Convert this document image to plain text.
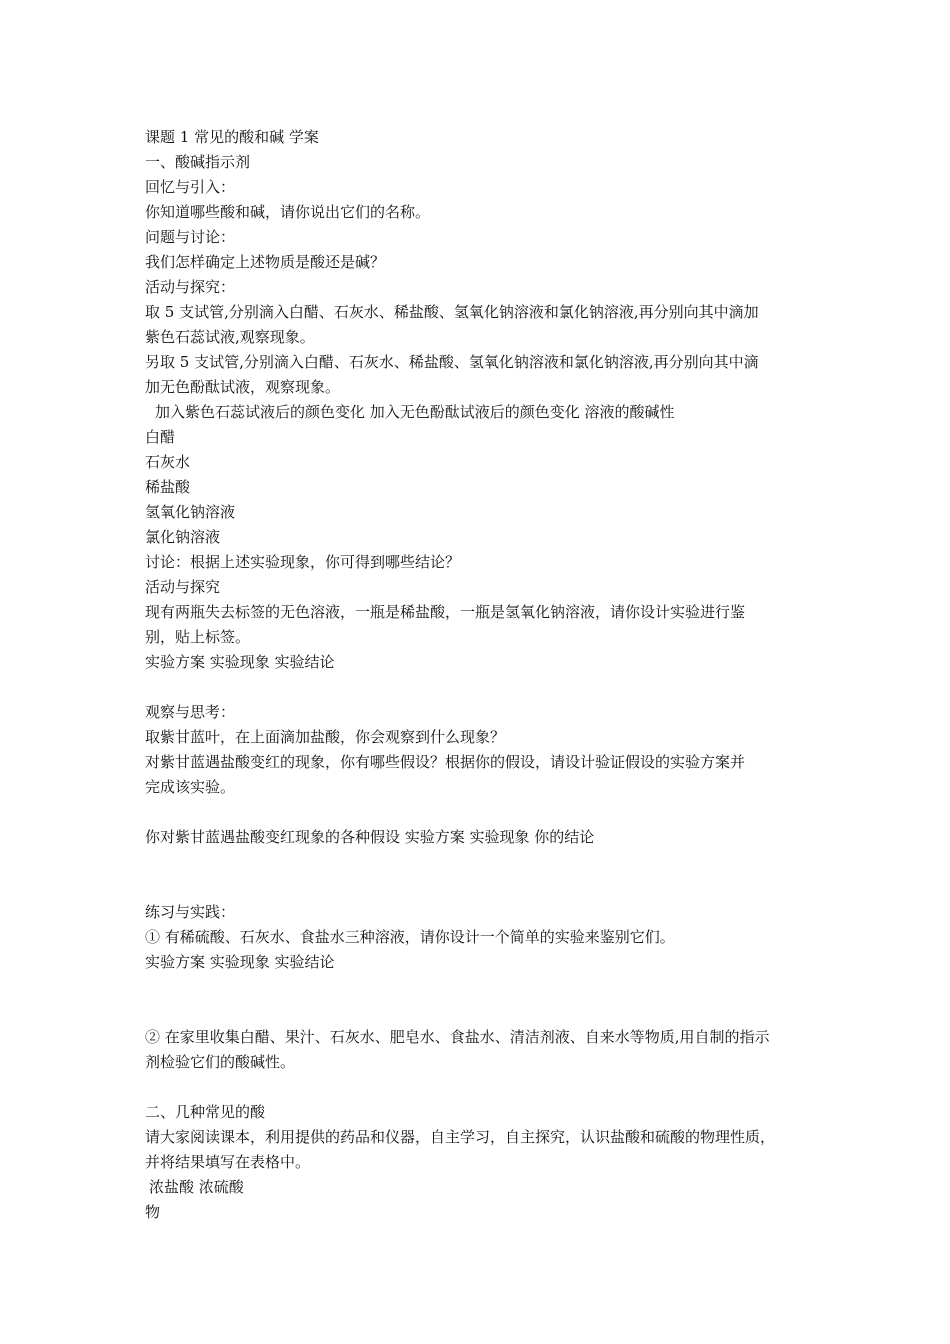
课题 1 常见的酸和碱 学案

一、酸碱指示剂

回忆与引入：

你知道哪些酸和碱，请你说出它们的名称。

问题与讨论：

我们怎样确定上述物质是酸还是碱？

活动与探究：

取 5 支试管,分别滴入白醋、石灰水、稀盐酸、氢氧化钠溶液和氯化钠溶液,再分别向其中滴加

紫色石蕊试液,观察现象。

另取 5 支试管,分别滴入白醋、石灰水、稀盐酸、氢氧化钠溶液和氯化钠溶液,再分别向其中滴

加无色酚酞试液，观察现象。

加入紫色石蕊试液后的颜色变化 加入无色酚酞试液后的颜色变化 溶液的酸碱性

白醋

石灰水

稀盐酸

氢氧化钠溶液

氯化钠溶液

讨论：根据上述实验现象，你可得到哪些结论？

活动与探究

现有两瓶失去标签的无色溶液，一瓶是稀盐酸，一瓶是氢氧化钠溶液，请你设计实验进行鉴

别，贴上标签。

实验方案 实验现象 实验结论

观察与思考：

取紫甘蓝叶，在上面滴加盐酸，你会观察到什么现象？

对紫甘蓝遇盐酸变红的现象，你有哪些假设？根据你的假设，请设计验证假设的实验方案并

完成该实验。

你对紫甘蓝遇盐酸变红现象的各种假设 实验方案 实验现象 你的结论

练习与实践：

① 有稀硫酸、石灰水、食盐水三种溶液，请你设计一个简单的实验来鉴别它们。

实验方案 实验现象 实验结论

② 在家里收集白醋、果汁、石灰水、肥皂水、食盐水、清洁剂液、自来水等物质,用自制的指示

剂检验它们的酸碱性。

二、几种常见的酸

请大家阅读课本，利用提供的药品和仪器，自主学习，自主探究，认识盐酸和硫酸的物理性质，

并将结果填写在表格中。

浓盐酸 浓硫酸

物
